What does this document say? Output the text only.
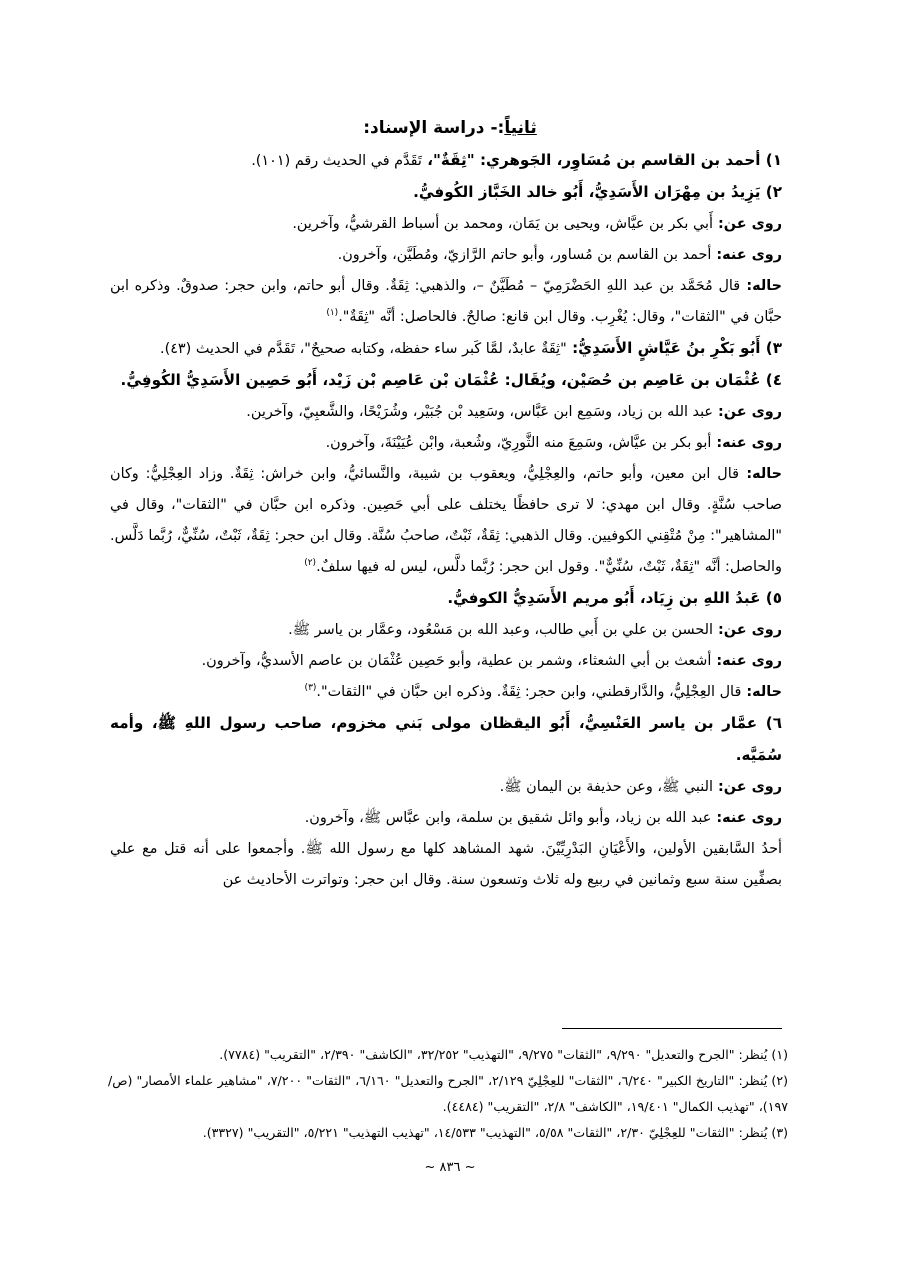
ثانياً:- دراسة الإسناد:

١) أحمد بن القاسم بن مُسَاوِر، الجَوهري: "ثِقَةٌ"، تَقَدَّم في الحديث رقم (١٠١).

٢) يَزِيدُ بن مِهْرَان الأَسَدِيُّ، أَبُو خالد الخَبَّاز الكُوفيُّ.

روى عن: أَبي بكر بن عيَّاش، ويحيى بن يَمَان، ومحمد بن أسباط القرشيُّ، وآخرين.

روى عنه: أحمد بن القاسم بن مُساور، وأبو حاتم الرَّازيّ، ومُطَيَّن، وآخرون.

حاله: قال مُحَمَّد بن عبد اللهِ الحَضْرَمِيّ – مُطَيَّنٌ –، والذهبي: ثِقَةٌ. وقال أبو حاتم، وابن حجر: صدوقٌ. وذكره ابن حبَّان في "الثقات"، وقال: يُغْرِب. وقال ابن قانع: صالحٌ. فالحاصل: أنَّه "ثِقَةٌ".$^{(١)}$

٣) أَبُو بَكْرِ بنُ عَيَّاشٍ الأَسَدِيُّ: "ثِقَةٌ عابدٌ، لمَّا كَبر ساء حفظه، وكتابه صحيحٌ"، تَقَدَّم في الحديث (٤٣).

٤) عُثْمَان بن عَاصِم بن حُصَيْن، ويُقَال: عُثْمَان بْن عَاصِم بْن زَيْد، أَبُو حَصِين الأَسَدِيُّ الكُوفِيُّ.

روى عن: عبد الله بن زياد، وسَمِع ابن عَبَّاس، وسَعِيد بْن جُبَيْر، وشُرَيْحًا، والشَّعبِيّ، وآخرين.

روى عنه: أبو بكر بن عيَّاش، وسَمِعَ منه الثَّورِيّ، وشُعبة، وابْن عُيَيْنَةَ، وآخرون.

حاله: قال ابن معين، وأبو حاتم، والعِجْلِيُّ، ويعقوب بن شيبة، والنَّسائيُّ، وابن خراش: ثِقَةٌ. وزاد العِجْلِيُّ: وكان صاحب سُنَّةٍ. وقال ابن مهدي: لا ترى حافظًا يختلف على أبي حَصِين. وذكره ابن حبَّان في "الثقات"، وقال في "المشاهير": مِنْ مُتْقِني الكوفيين. وقال الذهبي: ثِقَةٌ، ثَبْتٌ، صاحبُ سُنَّة. وقال ابن حجر: ثِقَةٌ، ثَبْتٌ، سُنِّيٌّ، رُبَّما دَلَّس. والحاصل: أنَّه "ثِقَةٌ، ثَبْتٌ، سُنِّيٌّ". وقول ابن حجر: رُبَّما دلَّس، ليس له فيها سلفٌ.$^{(٢)}$

٥) عَبدُ اللهِ بن زِيَاد، أَبُو مريم الأَسَدِيُّ الكوفيُّ.

روى عن: الحسن بن علي بن أَبي طالب، وعبد الله بن مَسْعُود، وعمَّار بن ياسر ﷺ.

روى عنه: أشعث بن أبي الشعثاء، وشمر بن عطية، وأبو حَصِين عُثْمَان بن عاصم الأسديُّ، وآخرون.

حاله: قال العِجْلِيُّ، والدَّارقطني، وابن حجر: ثِقَةٌ. وذكره ابن حبَّان في "الثقات".$^{(٣)}$

٦) عمَّار بن ياسر العَنْسِيُّ، أَبُو اليقظان مولى بَني مخزوم، صاحب رسول اللهِ ﷺ، وأمه سُمَيَّه.

روى عن: النبي ﷺ، وعن حذيفة بن اليمان ﷺ.

روى عنه: عبد الله بن زياد، وأبو وائل شقيق بن سلمة، وابن عبَّاس ﷺ، وآخرون.

أحدُ السَّابقين الأولين، والأَعْيَانِ البَدْرِيِّيْنَ. شهد المشاهد كلها مع رسول الله ﷺ. وأجمعوا على أنه قتل مع علي بصفِّين سنة سبع وثمانين في ربيع وله ثلاث وتسعون سنة. وقال ابن حجر: وتواترت الأحاديث عن

(١) يُنظر: "الجرح والتعديل" ٩/٢٩٠، "الثقات" ٩/٢٧٥، "التهذيب" ٣٢/٢٥٢، "الكاشف" ٢/٣٩٠، "التقريب" (٧٧٨٤).

(٢) يُنظر: "التاريخ الكبير" ٦/٢٤٠، "الثقات" للعِجْلِيّ ٢/١٢٩، "الجرح والتعديل" ٦/١٦٠، "الثقات" ٧/٢٠٠، "مشاهير علماء الأمصار" (ص/١٩٧)، "تهذيب الكمال" ١٩/٤٠١، "الكاشف" ٢/٨، "التقريب" (٤٤٨٤).

(٣) يُنظر: "الثقات" للعِجْلِيّ ٢/٣٠، "الثقات" ٥/٥٨، "التهذيب" ١٤/٥٣٣، "تهذيب التهذيب" ٥/٢٢١، "التقريب" (٣٣٢٧).

~ ٨٣٦ ~
